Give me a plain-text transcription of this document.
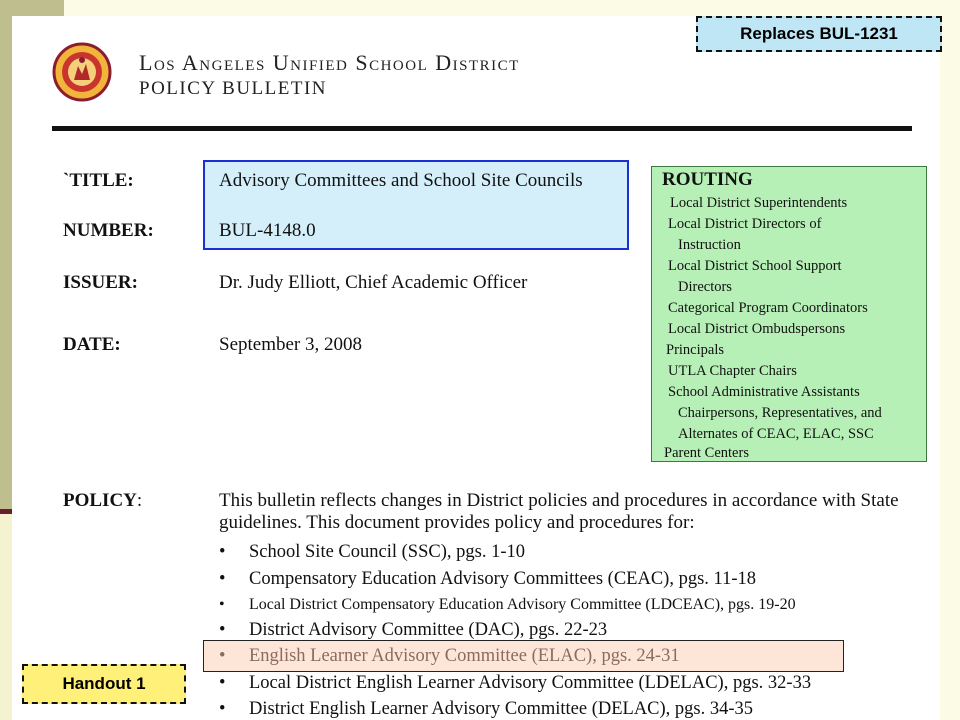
Los Angeles Unified School District
POLICY BULLETIN
`TITLE:	Advisory Committees and School Site Councils
NUMBER:	BUL-4148.0
ISSUER:	Dr. Judy Elliott, Chief Academic Officer
DATE:	September 3, 2008
ROUTING
Local District Superintendents
Local District Directors of
Instruction
Local District School Support
Directors
Categorical Program Coordinators
Local District Ombudspersons
Principals
UTLA Chapter Chairs
School Administrative Assistants
Chairpersons, Representatives, and
Alternates of CEAC, ELAC, SSC
Parent Centers
POLICY:	This bulletin reflects changes in District policies and procedures in accordance with State guidelines. This document provides policy and procedures for:
• School Site Council (SSC), pgs. 1-10
• Compensatory Education Advisory Committees (CEAC), pgs. 11-18
• Local District Compensatory Education Advisory Committee (LDCEAC), pgs. 19-20
• District Advisory Committee (DAC), pgs. 22-23
• English Learner Advisory Committee (ELAC), pgs. 24-31
• Local District English Learner Advisory Committee (LDELAC), pgs. 32-33
• District English Learner Advisory Committee (DELAC), pgs. 34-35
Replaces BUL-1231
Handout 1
